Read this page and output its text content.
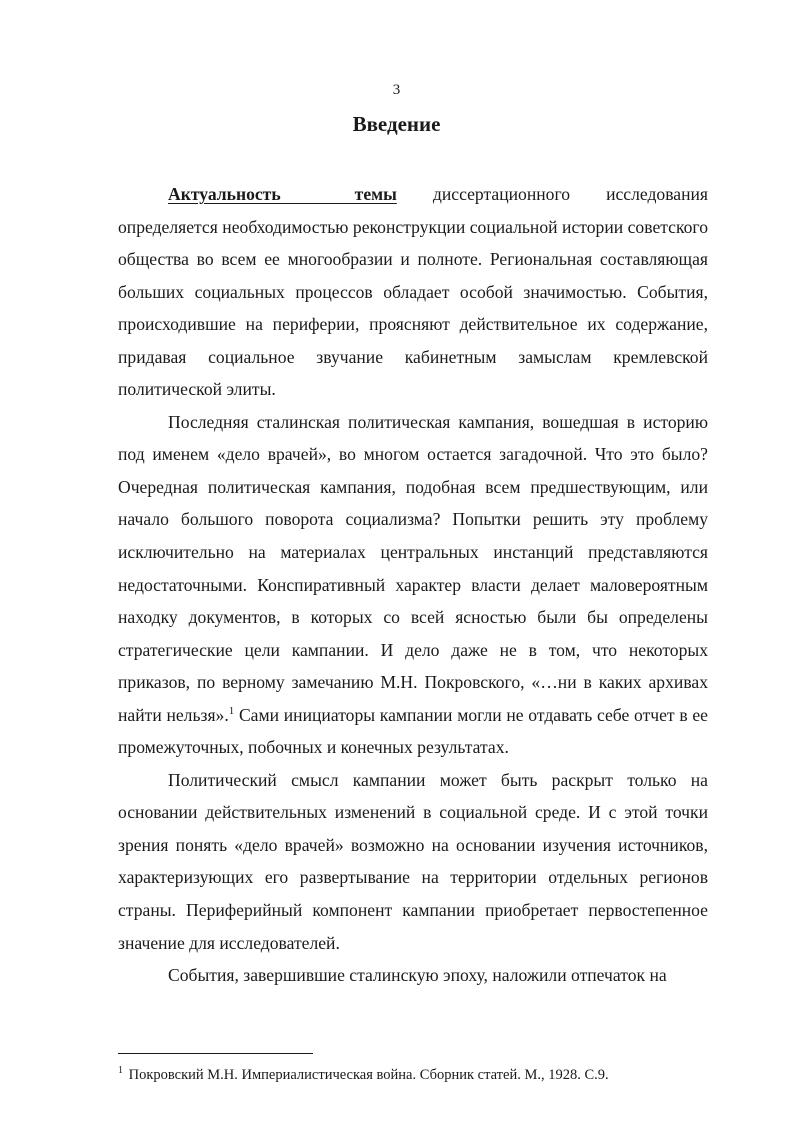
3
Введение

Актуальность темы диссертационного исследования определяется необходимостью реконструкции социальной истории советского общества во всем ее многообразии и полноте. Региональная составляющая больших социальных процессов обладает особой значимостью. События, происходившие на периферии, проясняют действительное их содержание, придавая социальное звучание кабинетным замыслам кремлевской политической элиты.

Последняя сталинская политическая кампания, вошедшая в историю под именем «дело врачей», во многом остается загадочной. Что это было? Очередная политическая кампания, подобная всем предшествующим, или начало большого поворота социализма? Попытки решить эту проблему исключительно на материалах центральных инстанций представляются недостаточными. Конспиративный характер власти делает маловероятным находку документов, в которых со всей ясностью были бы определены стратегические цели кампании. И дело даже не в том, что некоторых приказов, по верному замечанию М.Н. Покровского, «…ни в каких архивах найти нельзя».$^1$ Сами инициаторы кампании могли не отдавать себе отчет в ее промежуточных, побочных и конечных результатах.

Политический смысл кампании может быть раскрыт только на основании действительных изменений в социальной среде. И с этой точки зрения понять «дело врачей» возможно на основании изучения источников, характеризующих его развертывание на территории отдельных регионов страны. Периферийный компонент кампании приобретает первостепенное значение для исследователей.

События, завершившие сталинскую эпоху, наложили отпечаток на

$^1$ Покровский М.Н. Империалистическая война. Сборник статей. М., 1928. С.9.
